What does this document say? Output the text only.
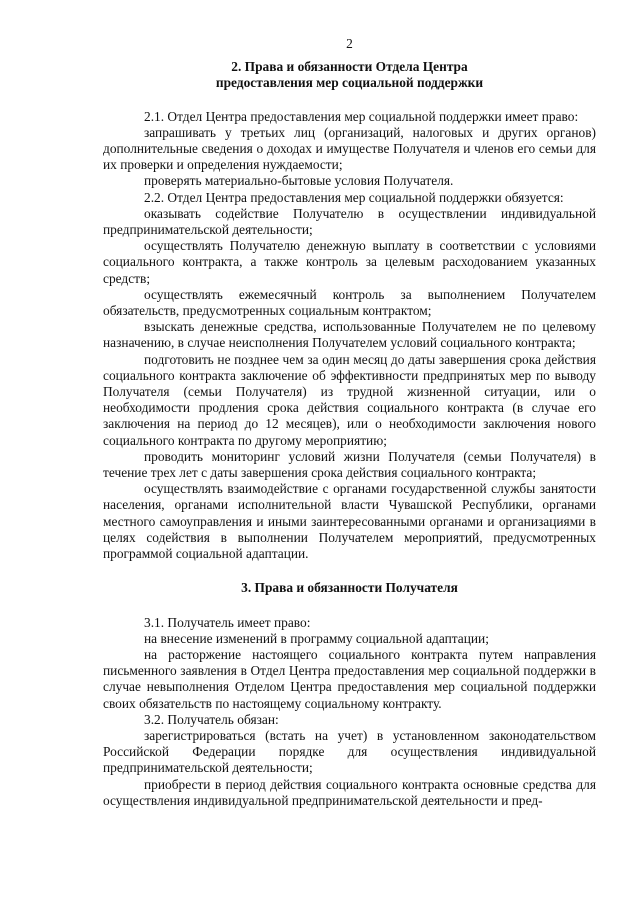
2
2. Права и обязанности Отдела Центра
предоставления мер социальной поддержки

2.1. Отдел Центра предоставления мер социальной поддержки имеет право:

запрашивать у третьих лиц (организаций, налоговых и других органов) дополнительные сведения о доходах и имуществе Получателя и членов его семьи для их проверки и определения нуждаемости;

проверять материально-бытовые условия Получателя.

2.2. Отдел Центра предоставления мер социальной поддержки обязуется:

оказывать содействие Получателю в осуществлении индивидуальной предпринимательской деятельности;

осуществлять Получателю денежную выплату в соответствии с условиями социального контракта, а также контроль за целевым расходованием указанных средств;

осуществлять ежемесячный контроль за выполнением Получателем обязательств, предусмотренных социальным контрактом;

взыскать денежные средства, использованные Получателем не по целевому назначению, в случае неисполнения Получателем условий социального контракта;

подготовить не позднее чем за один месяц до даты завершения срока действия социального контракта заключение об эффективности предпринятых мер по выводу Получателя (семьи Получателя) из трудной жизненной ситуации, или о необходимости продления срока действия социального контракта (в случае его заключения на период до 12 месяцев), или о необходимости заключения нового социального контракта по другому мероприятию;

проводить мониторинг условий жизни Получателя (семьи Получателя) в течение трех лет с даты завершения срока действия социального контракта;

осуществлять взаимодействие с органами государственной службы занятости населения, органами исполнительной власти Чувашской Республики, органами местного самоуправления и иными заинтересованными органами и организациями в целях содействия в выполнении Получателем мероприятий, предусмотренных программой социальной адаптации.

3. Права и обязанности Получателя

3.1. Получатель имеет право:

на внесение изменений в программу социальной адаптации;

на расторжение настоящего социального контракта путем направления письменного заявления в Отдел Центра предоставления мер социальной поддержки в случае невыполнения Отделом Центра предоставления мер социальной поддержки своих обязательств по настоящему социальному контракту.

3.2. Получатель обязан:

зарегистрироваться (встать на учет) в установленном законодательством Российской Федерации порядке для осуществления индивидуальной предпринимательской деятельности;

приобрести в период действия социального контракта основные средства для осуществления индивидуальной предпринимательской деятельности и пред-
